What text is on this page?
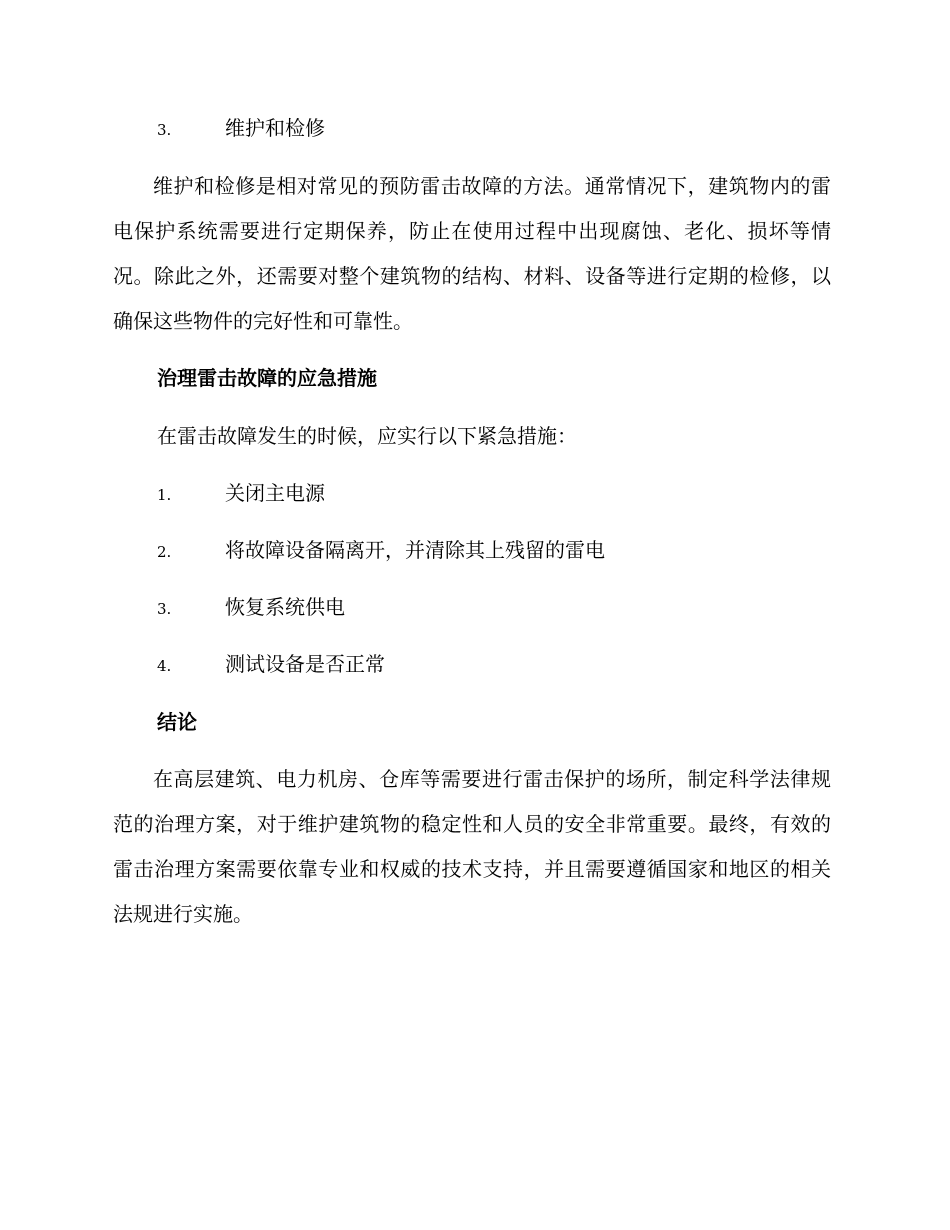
3.	维护和检修

维护和检修是相对常见的预防雷击故障的方法。通常情况下，建筑物内的雷电保护系统需要进行定期保养，防止在使用过程中出现腐蚀、老化、损坏等情况。除此之外，还需要对整个建筑物的结构、材料、设备等进行定期的检修，以确保这些物件的完好性和可靠性。

治理雷击故障的应急措施
在雷击故障发生的时候，应实行以下紧急措施：
1.	关闭主电源
2.	将故障设备隔离开，并清除其上残留的雷电
3.	恢复系统供电
4.	测试设备是否正常
结论

在高层建筑、电力机房、仓库等需要进行雷击保护的场所，制定科学法律规范的治理方案，对于维护建筑物的稳定性和人员的安全非常重要。最终，有效的雷击治理方案需要依靠专业和权威的技术支持，并且需要遵循国家和地区的相关法规进行实施。
